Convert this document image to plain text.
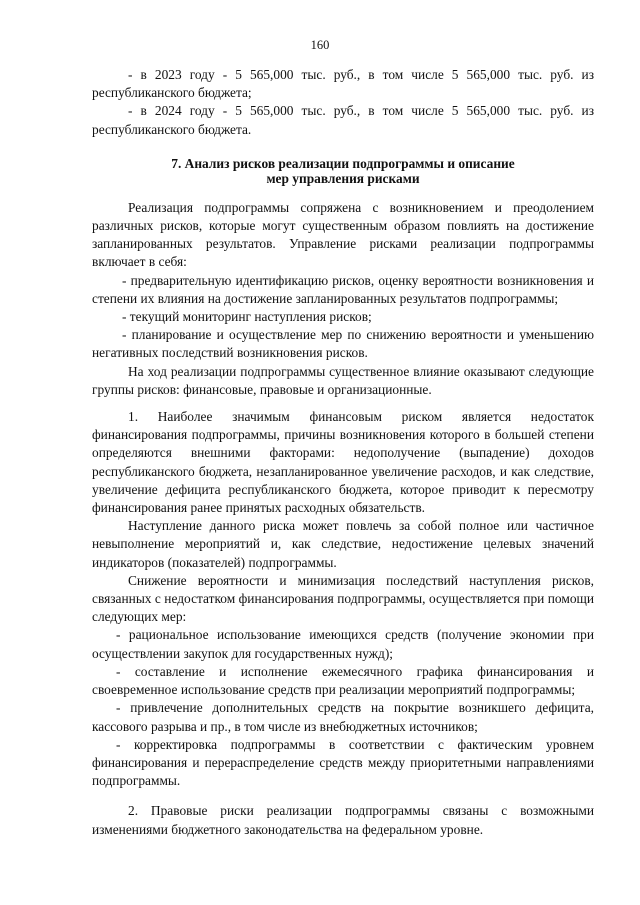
160

- в 2023 году - 5 565,000 тыс. руб., в том числе 5 565,000 тыс. руб. из республиканского бюджета;

- в 2024 году - 5 565,000 тыс. руб., в том числе 5 565,000 тыс. руб. из республиканского бюджета.

7. Анализ рисков реализации подпрограммы и описание
мер управления рисками

Реализация подпрограммы сопряжена с возникновением и преодолением различных рисков, которые могут существенным образом повлиять на достижение запланированных результатов. Управление рисками реализации подпрограммы включает в себя:

- предварительную идентификацию рисков, оценку вероятности возникновения и степени их влияния на достижение запланированных результатов подпрограммы;

- текущий мониторинг наступления рисков;

- планирование и осуществление мер по снижению вероятности и уменьшению негативных последствий возникновения рисков.

На ход реализации подпрограммы существенное влияние оказывают следующие группы рисков: финансовые, правовые и организационные.

1. Наиболее значимым финансовым риском является недостаток финансирования подпрограммы, причины возникновения которого в большей степени определяются внешними факторами: недополучение (выпадение) доходов республиканского бюджета, незапланированное увеличение расходов, и как следствие, увеличение дефицита республиканского бюджета, которое приводит к пересмотру финансирования ранее принятых расходных обязательств.

Наступление данного риска может повлечь за собой полное или частичное невыполнение мероприятий и, как следствие, недостижение целевых значений индикаторов (показателей) подпрограммы.

Снижение вероятности и минимизация последствий наступления рисков, связанных с недостатком финансирования подпрограммы, осуществляется при помощи следующих мер:

- рациональное использование имеющихся средств (получение экономии при осуществлении закупок для государственных нужд);

- составление и исполнение ежемесячного графика финансирования и своевременное использование средств при реализации мероприятий подпрограммы;

- привлечение дополнительных средств на покрытие возникшего дефицита, кассового разрыва и пр., в том числе из внебюджетных источников;

- корректировка подпрограммы в соответствии с фактическим уровнем финансирования и перераспределение средств между приоритетными направлениями подпрограммы.

2. Правовые риски реализации подпрограммы связаны с возможными изменениями бюджетного законодательства на федеральном уровне.
